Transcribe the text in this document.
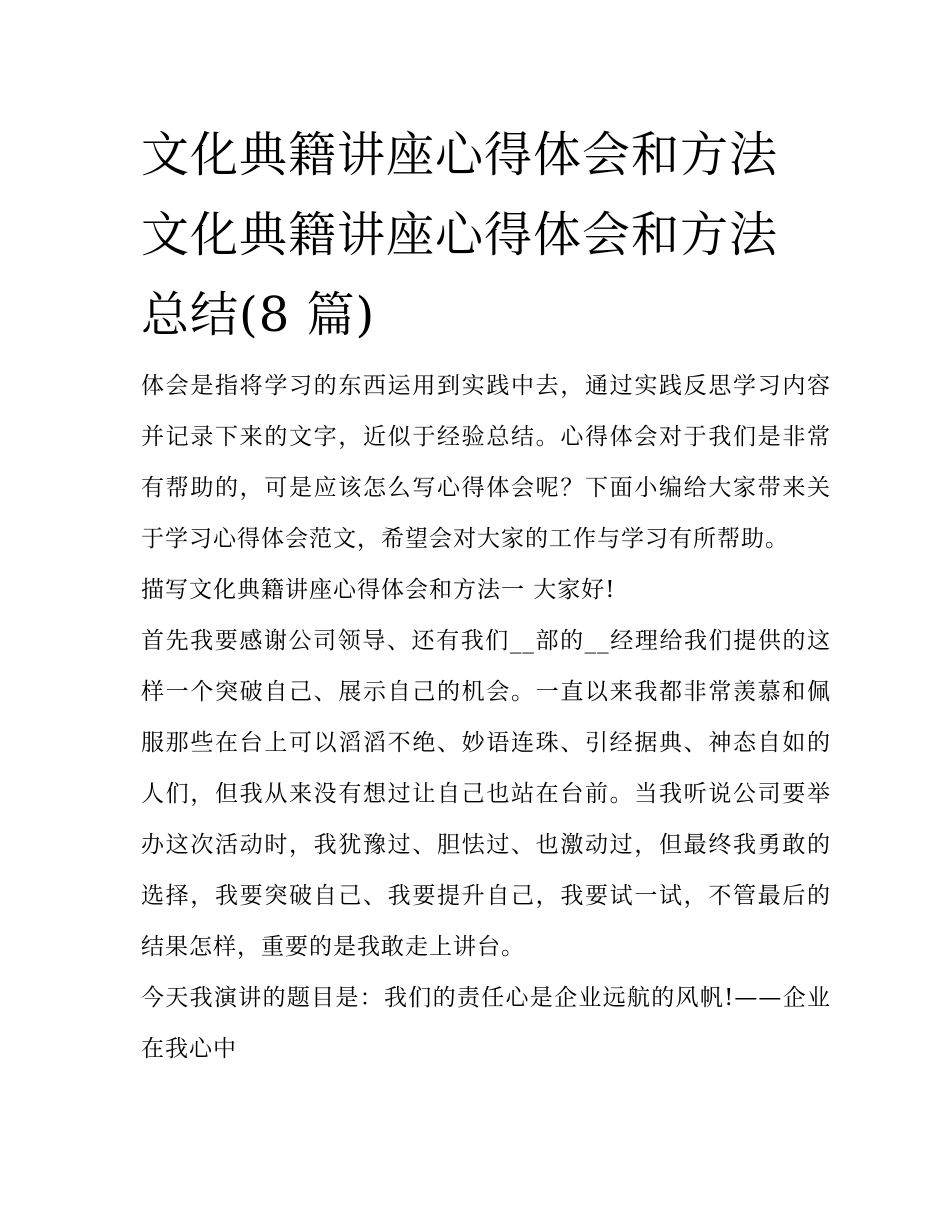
文化典籍讲座心得体会和方法
文化典籍讲座心得体会和方法
总结(8 篇)

体会是指将学习的东西运用到实践中去，通过实践反思学习内容并记录下来的文字，近似于经验总结。心得体会对于我们是非常有帮助的，可是应该怎么写心得体会呢？下面小编给大家带来关于学习心得体会范文，希望会对大家的工作与学习有所帮助。

描写文化典籍讲座心得体会和方法一 大家好!

首先我要感谢公司领导、还有我们__部的__经理给我们提供的这样一个突破自己、展示自己的机会。一直以来我都非常羡慕和佩服那些在台上可以滔滔不绝、妙语连珠、引经据典、神态自如的人们，但我从来没有想过让自己也站在台前。当我听说公司要举办这次活动时，我犹豫过、胆怯过、也激动过，但最终我勇敢的选择，我要突破自己、我要提升自己，我要试一试，不管最后的结果怎样，重要的是我敢走上讲台。

今天我演讲的题目是：我们的责任心是企业远航的风帆!——企业在我心中
